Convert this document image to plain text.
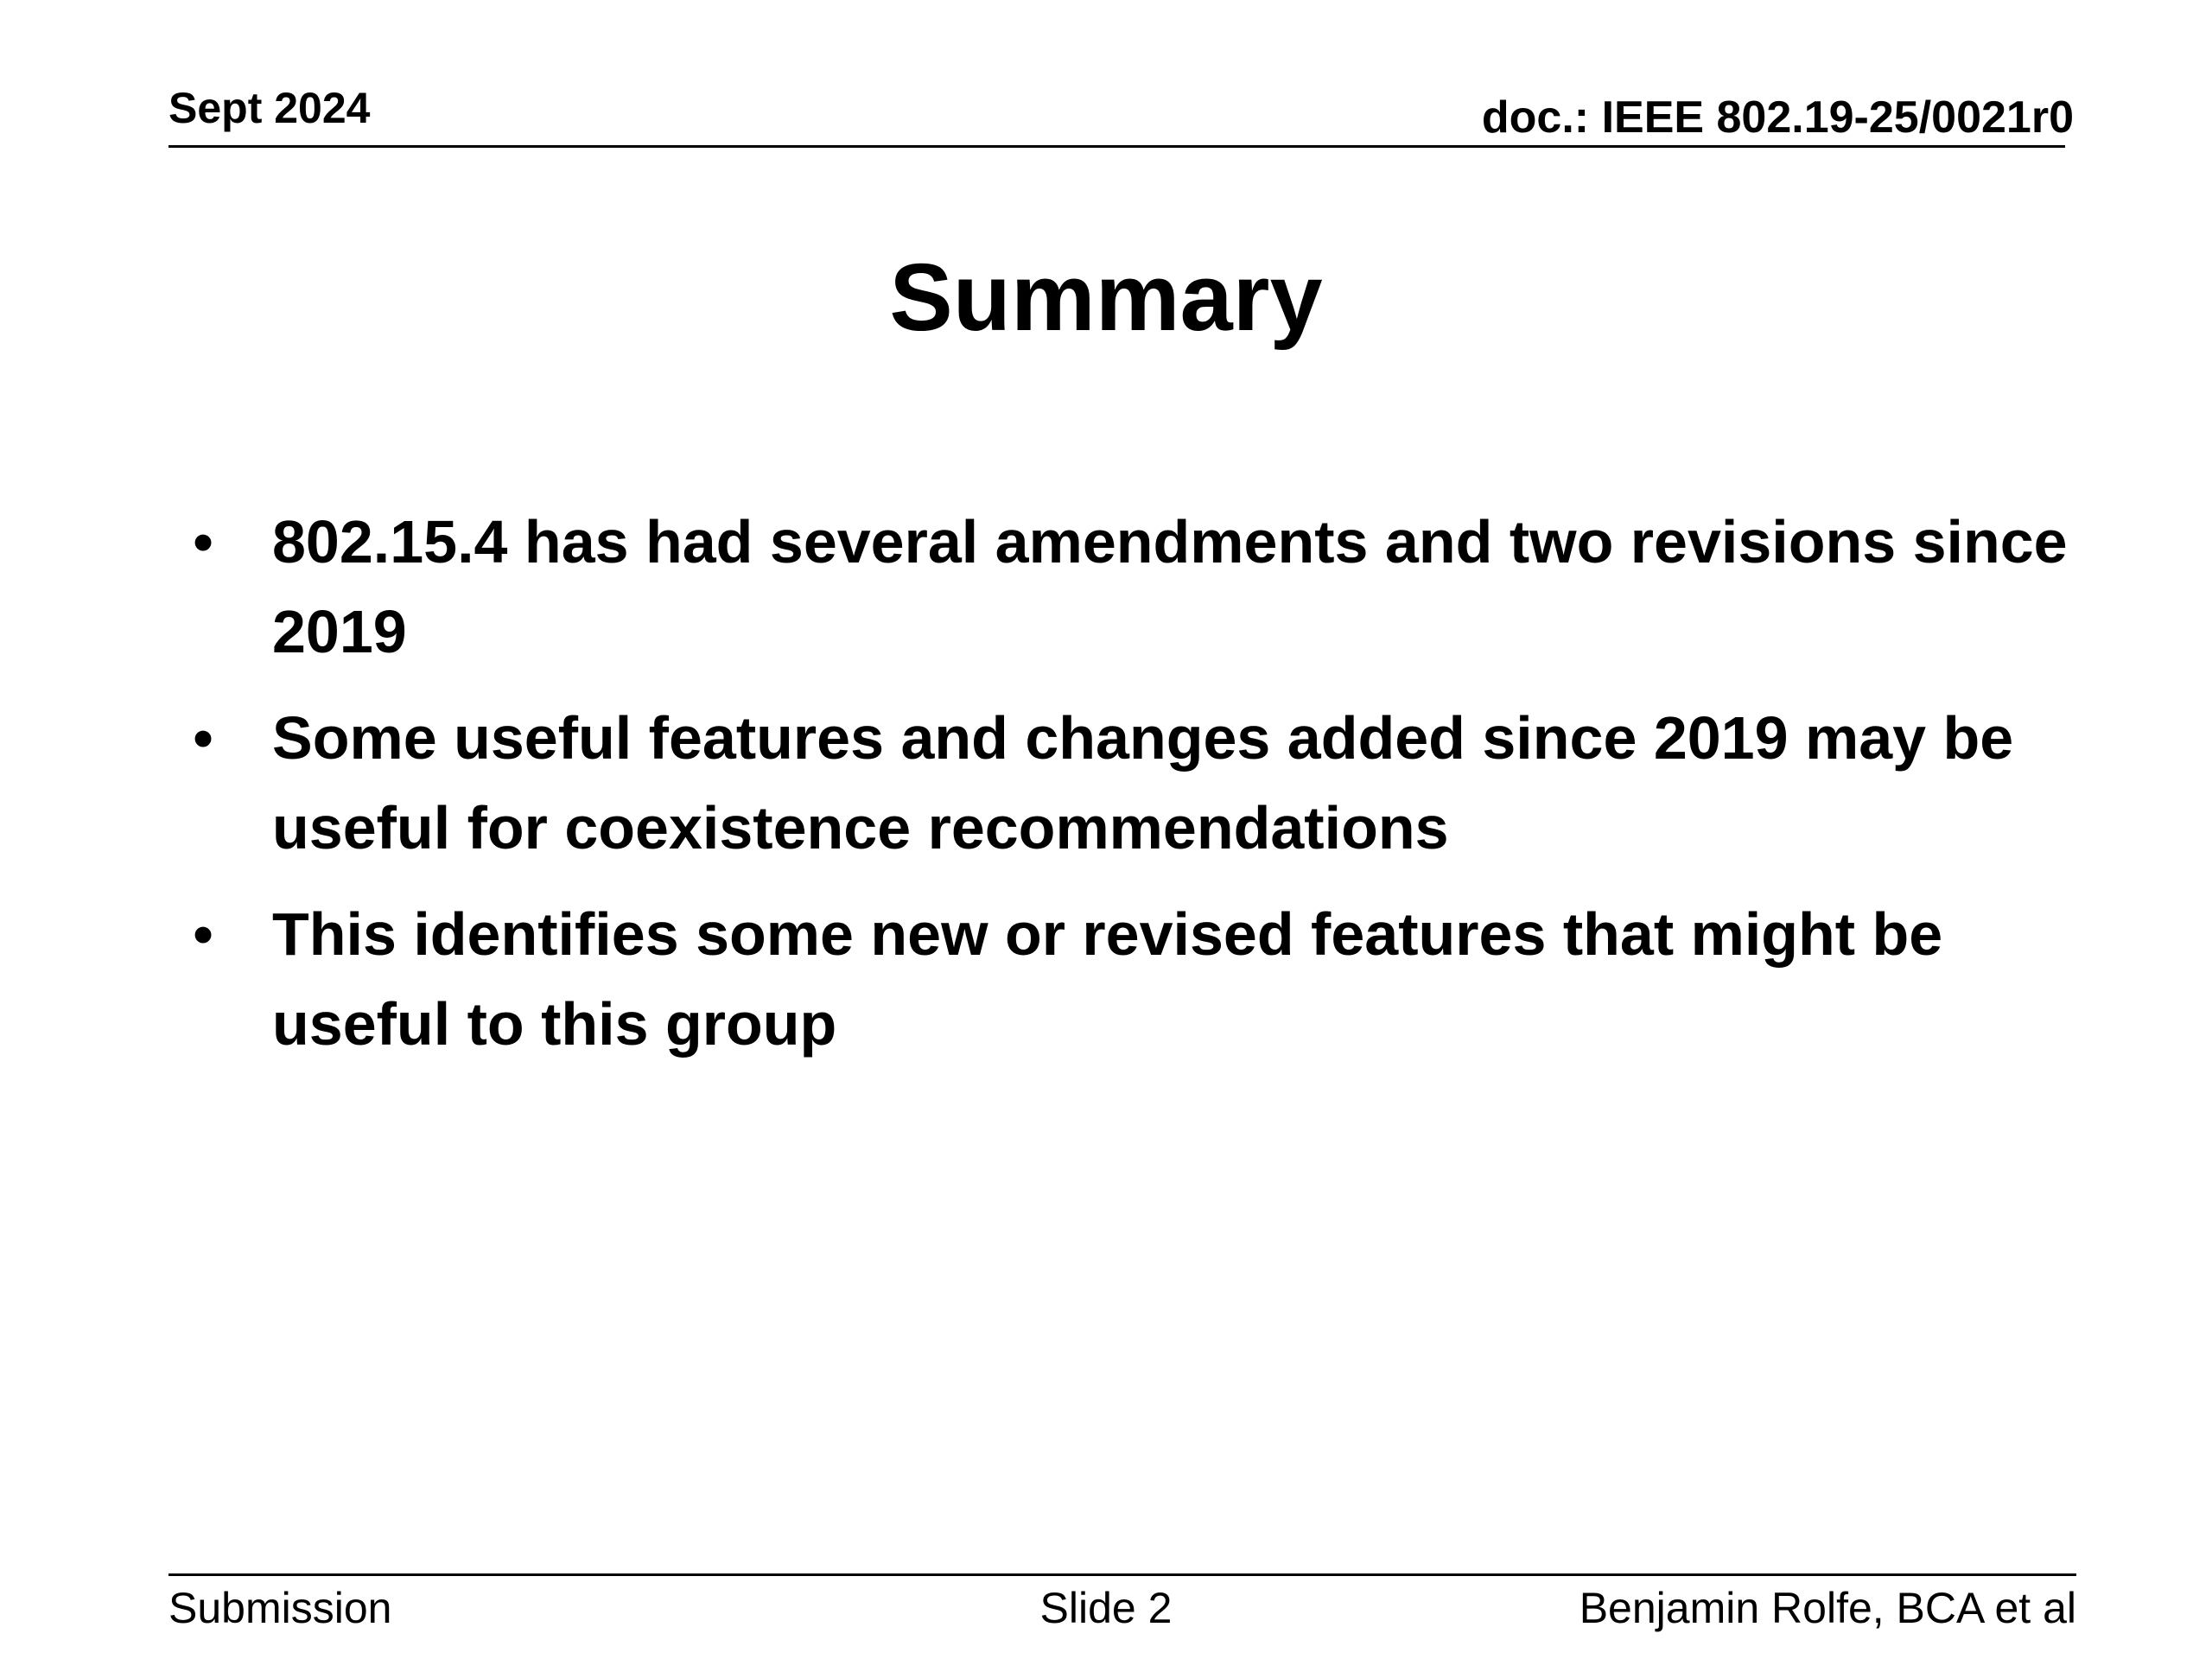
Sept 2024	doc.: IEEE 802.19-25/0021r0
Summary
• 802.15.4 has had several amendments and two revisions since 2019
• Some useful features and changes added since 2019 may be useful for coexistence recommendations
• This identifies some new or revised features that might be useful to this group
Submission	Slide 2	Benjamin Rolfe, BCA et al
